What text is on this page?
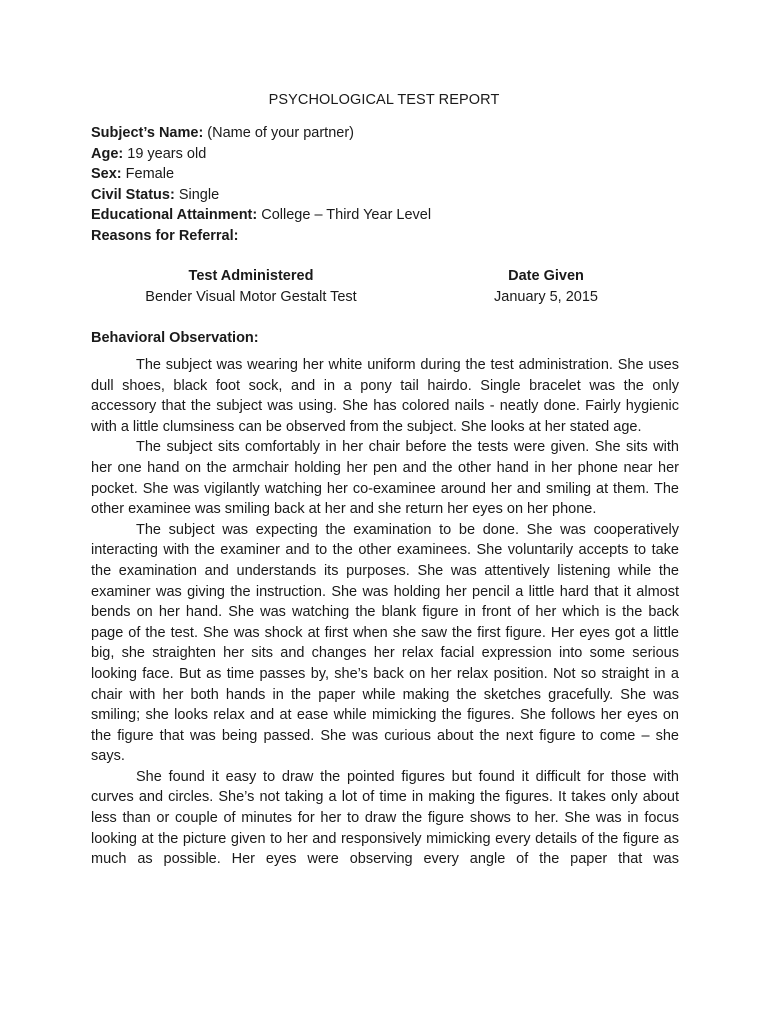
PSYCHOLOGICAL TEST REPORT
Subject’s Name: (Name of your partner)
Age: 19 years old
Sex: Female
Civil Status: Single
Educational Attainment: College – Third Year Level
Reasons for Referral:
Test Administered	Date Given
Bender Visual Motor Gestalt Test	January 5, 2015
Behavioral Observation:

The subject was wearing her white uniform during the test administration. She uses dull shoes, black foot sock, and in a pony tail hairdo. Single bracelet was the only accessory that the subject was using. She has colored nails - neatly done. Fairly hygienic with a little clumsiness can be observed from the subject. She looks at her stated age.

The subject sits comfortably in her chair before the tests were given. She sits with her one hand on the armchair holding her pen and the other hand in her phone near her pocket. She was vigilantly watching her co-examinee around her and smiling at them. The other examinee was smiling back at her and she return her eyes on her phone.

The subject was expecting the examination to be done. She was cooperatively interacting with the examiner and to the other examinees. She voluntarily accepts to take the examination and understands its purposes. She was attentively listening while the examiner was giving the instruction. She was holding her pencil a little hard that it almost bends on her hand. She was watching the blank figure in front of her which is the back page of the test. She was shock at first when she saw the first figure. Her eyes got a little big, she straighten her sits and changes her relax facial expression into some serious looking face. But as time passes by, she’s back on her relax position. Not so straight in a chair with her both hands in the paper while making the sketches gracefully. She was smiling; she looks relax and at ease while mimicking the figures. She follows her eyes on the figure that was being passed. She was curious about the next figure to come – she says.

She found it easy to draw the pointed figures but found it difficult for those with curves and circles. She’s not taking a lot of time in making the figures. It takes only about less than or couple of minutes for her to draw the figure shows to her. She was in focus looking at the picture given to her and responsively mimicking every details of the figure as much as possible. Her eyes were observing every angle of the paper that was
